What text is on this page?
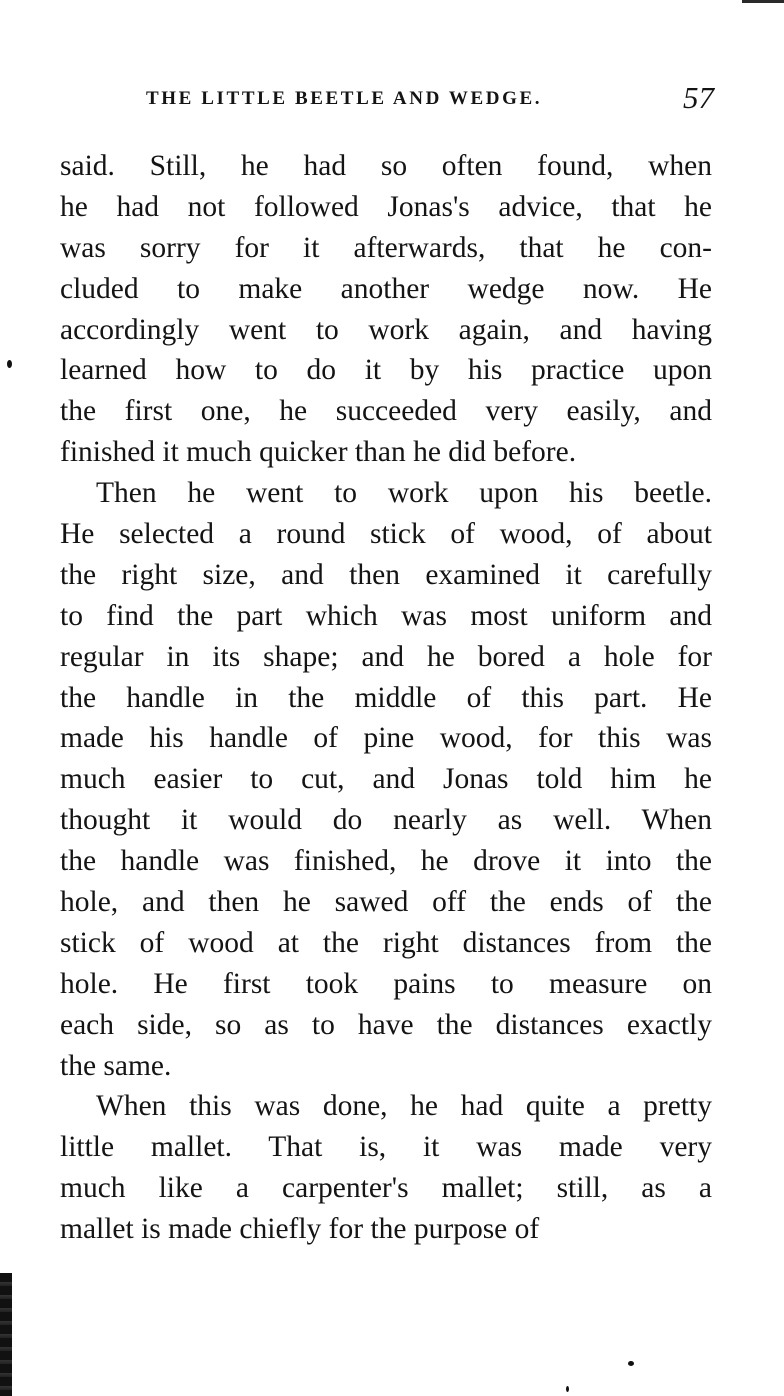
THE LITTLE BEETLE AND WEDGE.	57
said. Still, he had so often found, when
he had not followed Jonas's advice, that he
was sorry for it afterwards, that he con-
cluded to make another wedge now. He
accordingly went to work again, and having
learned how to do it by his practice upon
the first one, he succeeded very easily, and
finished it much quicker than he did before.
Then he went to work upon his beetle.
He selected a round stick of wood, of about
the right size, and then examined it carefully
to find the part which was most uniform and
regular in its shape; and he bored a hole for
the handle in the middle of this part. He
made his handle of pine wood, for this was
much easier to cut, and Jonas told him he
thought it would do nearly as well. When
the handle was finished, he drove it into the
hole, and then he sawed off the ends of the
stick of wood at the right distances from the
hole. He first took pains to measure on
each side, so as to have the distances exactly
the same.
When this was done, he had quite a pretty
little mallet. That is, it was made very
much like a carpenter's mallet; still, as a
mallet is made chiefly for the purpose of
